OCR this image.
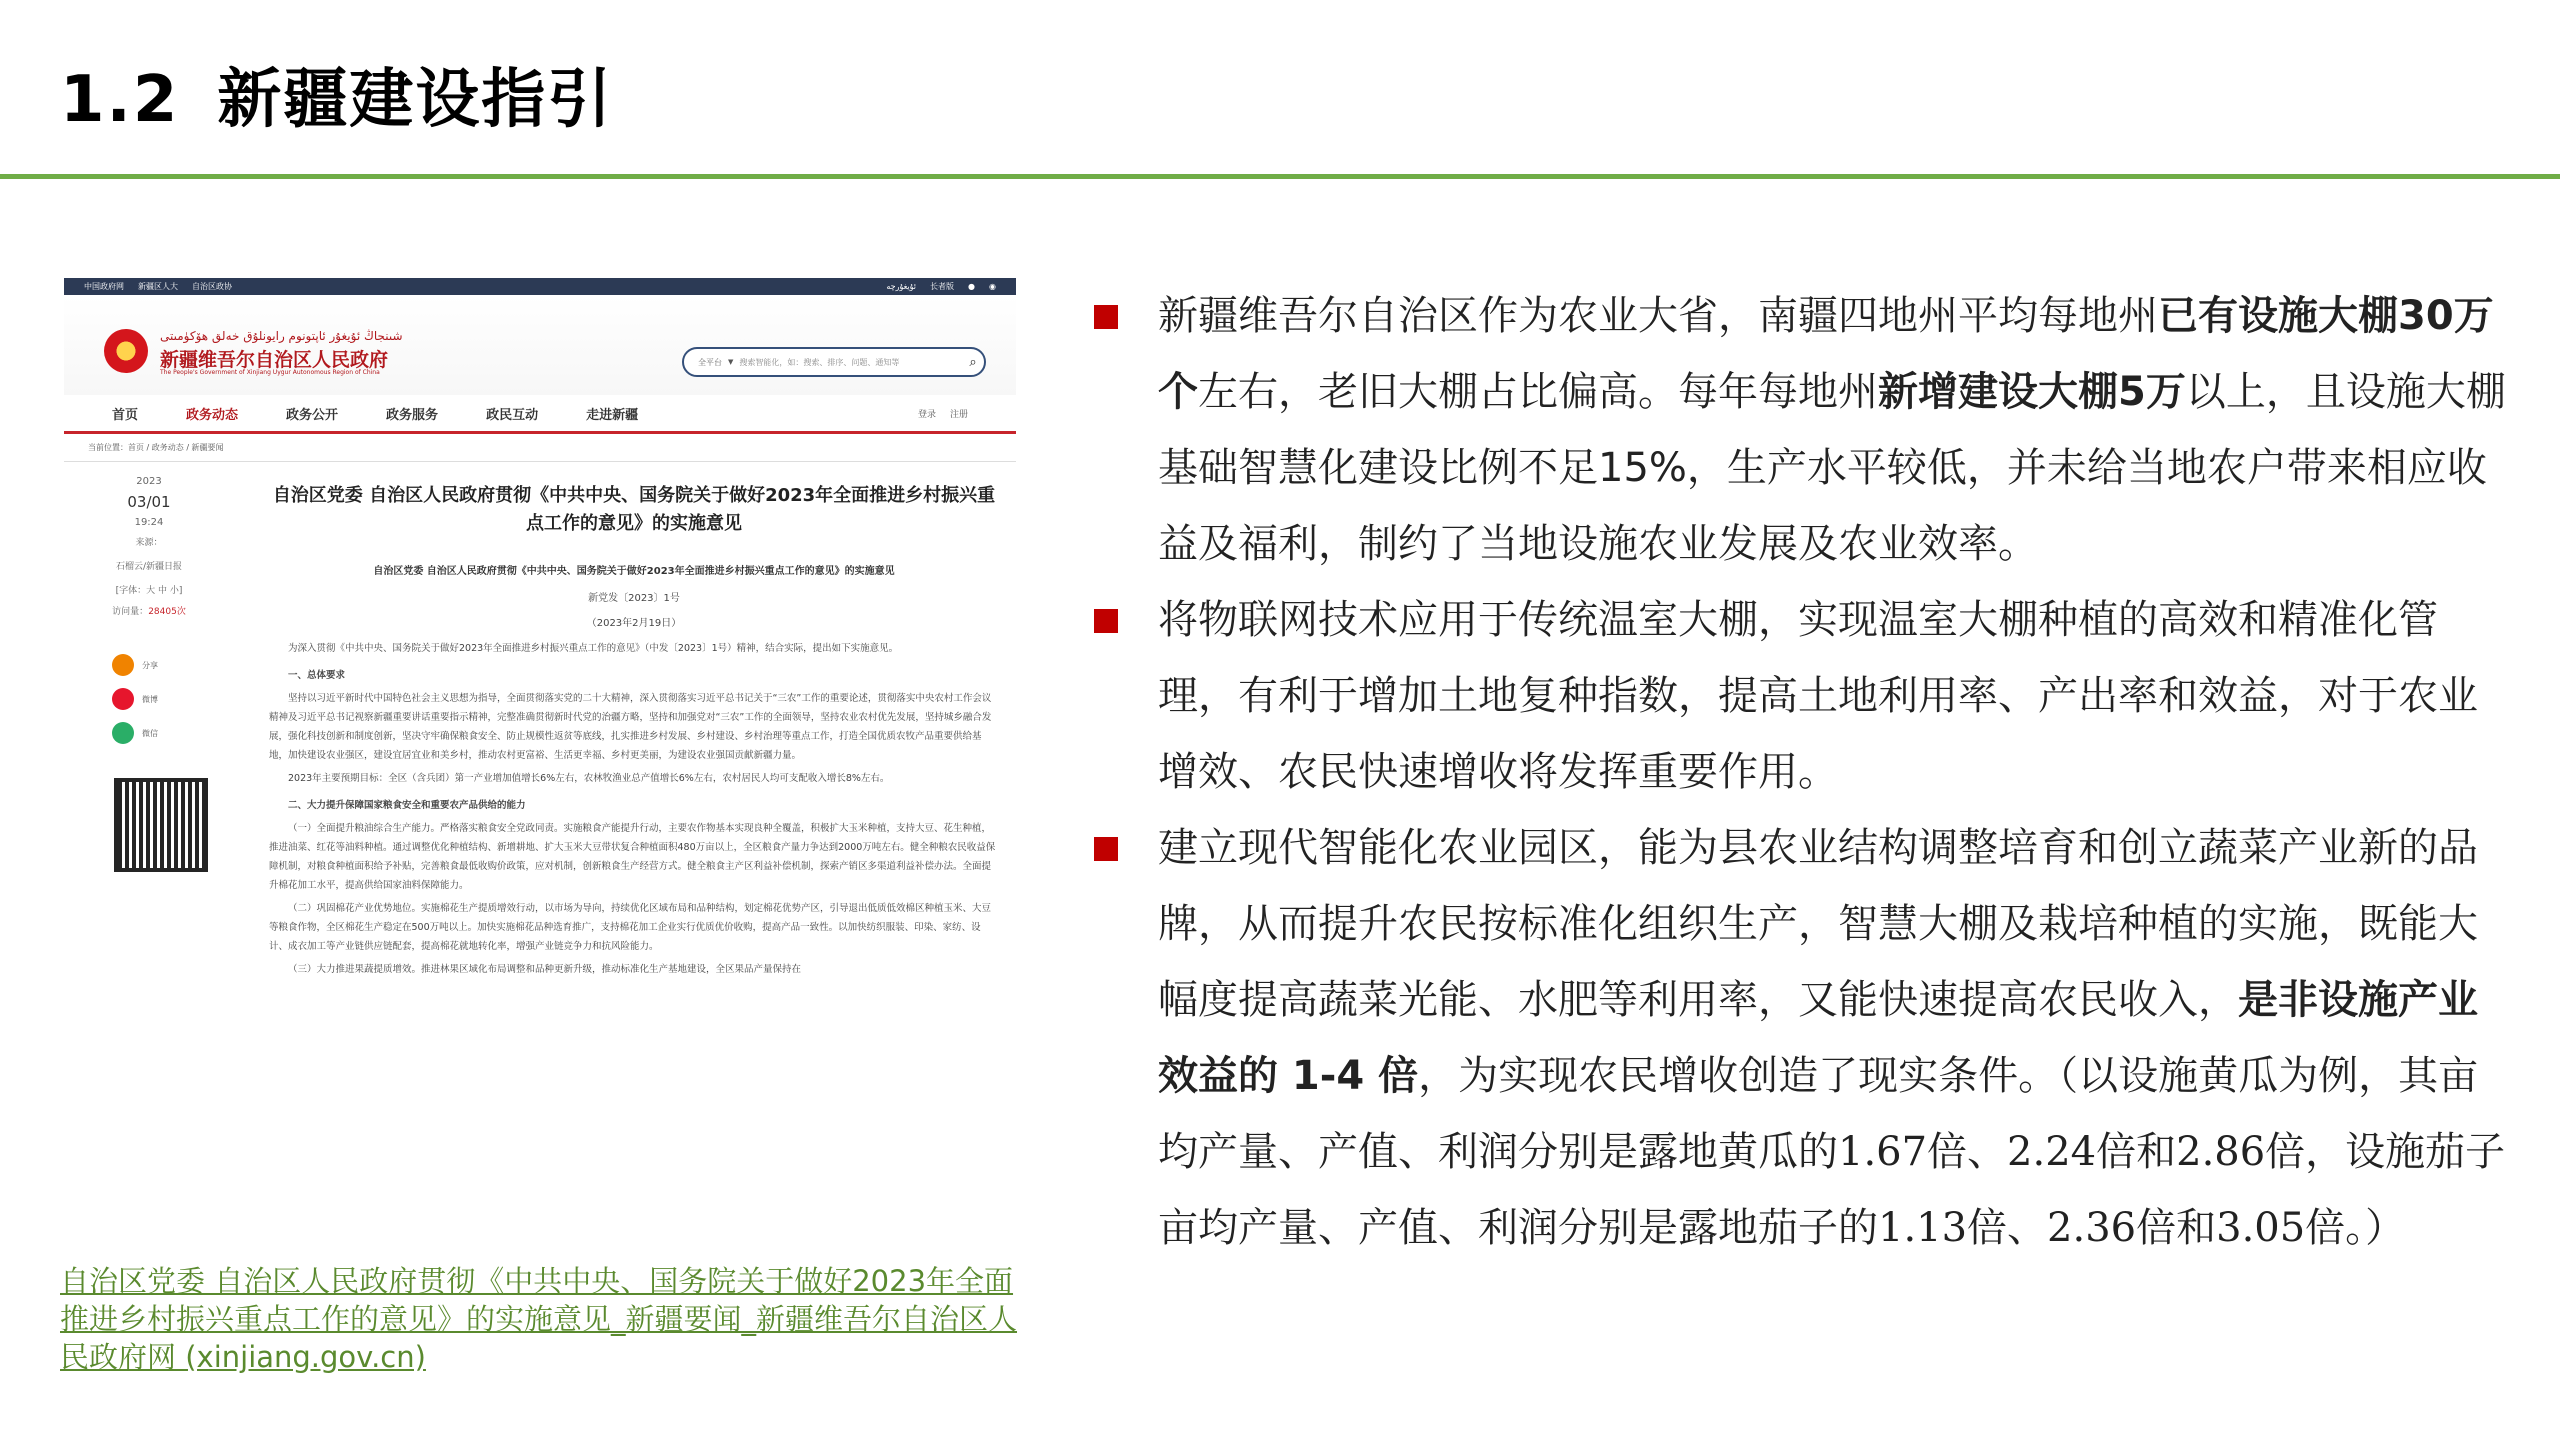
1.2 新疆建设指引
中国政府网 新疆区人大 自治区政协	ئۇيغۇرچە 长者版 ● ◉
شىنجاڭ ئۇيغۇر ئاپتونوم رايونلۇق خەلق ھۆكۈمىتى
新疆维吾尔自治区人民政府
The People's Government of Xinjiang Uygur Autonomous Region of China
全平台 ▼ 搜索智能化，如：搜索、排序、问题、通知等	⌕
首页	政务动态	政务公开	政务服务	政民互动	走进新疆	登录 注册
当前位置：首页 / 政务动态 / 新疆要闻
2023
03/01
19:24
来源：
石榴云/新疆日报
[字体：大 中 小]
访问量：28405次
分享
微博
微信
自治区党委 自治区人民政府贯彻《中共中央、国务院关于做好2023年全面推进乡村振兴重点工作的意见》的实施意见
自治区党委 自治区人民政府贯彻《中共中央、国务院关于做好2023年全面推进乡村振兴重点工作的意见》的实施意见
新党发〔2023〕1号
（2023年2月19日）

为深入贯彻《中共中央、国务院关于做好2023年全面推进乡村振兴重点工作的意见》（中发〔2023〕1号）精神，结合实际，提出如下实施意见。

一、总体要求

坚持以习近平新时代中国特色社会主义思想为指导，全面贯彻落实党的二十大精神，深入贯彻落实习近平总书记关于“三农”工作的重要论述，贯彻落实中央农村工作会议精神及习近平总书记视察新疆重要讲话重要指示精神，完整准确贯彻新时代党的治疆方略，坚持和加强党对“三农”工作的全面领导，坚持农业农村优先发展，坚持城乡融合发展，强化科技创新和制度创新，坚决守牢确保粮食安全、防止规模性返贫等底线，扎实推进乡村发展、乡村建设、乡村治理等重点工作，打造全国优质农牧产品重要供给基地，加快建设农业强区，建设宜居宜业和美乡村，推动农村更富裕、生活更幸福、乡村更美丽，为建设农业强国贡献新疆力量。

2023年主要预期目标：全区（含兵团）第一产业增加值增长6%左右，农林牧渔业总产值增长6%左右，农村居民人均可支配收入增长8%左右。

二、大力提升保障国家粮食安全和重要农产品供给的能力

（一）全面提升粮油综合生产能力。严格落实粮食安全党政同责。实施粮食产能提升行动，主要农作物基本实现良种全覆盖，积极扩大玉米种植，支持大豆、花生种植，推进油菜、红花等油料种植。通过调整优化种植结构、新增耕地、扩大玉米大豆带状复合种植面积480万亩以上，全区粮食产量力争达到2000万吨左右。健全种粮农民收益保障机制，对粮食种植面积给予补贴，完善粮食最低收购价政策，应对机制，创新粮食生产经营方式。健全粮食主产区利益补偿机制，探索产销区多渠道利益补偿办法。全面提升棉花加工水平，提高供给国家油料保障能力。

（二）巩固棉花产业优势地位。实施棉花生产提质增效行动，以市场为导向，持续优化区域布局和品种结构，划定棉花优势产区，引导退出低质低效棉区种植玉米、大豆等粮食作物，全区棉花生产稳定在500万吨以上。加快实施棉花品种选育推广，支持棉花加工企业实行优质优价收购，提高产品一致性。以加快纺织服装、印染、家纺、设计、成衣加工等产业链供应链配套，提高棉花就地转化率，增强产业链竞争力和抗风险能力。

（三）大力推进果蔬提质增效。推进林果区域化布局调整和品种更新升级，推动标准化生产基地建设，全区果品产量保持在

自治区党委 自治区人民政府贯彻《中共中央、国务院关于做好2023年全面推进乡村振兴重点工作的意见》的实施意见_新疆要闻_新疆维吾尔自治区人民政府网 (xinjiang.gov.cn)
新疆维吾尔自治区作为农业大省，南疆四地州平均每地州已有设施大棚30万个左右，老旧大棚占比偏高。每年每地州新增建设大棚5万以上，且设施大棚基础智慧化建设比例不足15%，生产水平较低，并未给当地农户带来相应收益及福利，制约了当地设施农业发展及农业效率。
将物联网技术应用于传统温室大棚，实现温室大棚种植的高效和精准化管理，有利于增加土地复种指数，提高土地利用率、产出率和效益，对于农业增效、农民快速增收将发挥重要作用。
建立现代智能化农业园区，能为县农业结构调整培育和创立蔬菜产业新的品牌，从而提升农民按标准化组织生产，智慧大棚及栽培种植的实施，既能大幅度提高蔬菜光能、水肥等利用率，又能快速提高农民收入，是非设施产业效益的 1-4 倍，为实现农民增收创造了现实条件。（以设施黄瓜为例，其亩均产量、产值、利润分别是露地黄瓜的1.67倍、2.24倍和2.86倍，设施茄子亩均产量、产值、利润分别是露地茄子的1.13倍、2.36倍和3.05倍。）
